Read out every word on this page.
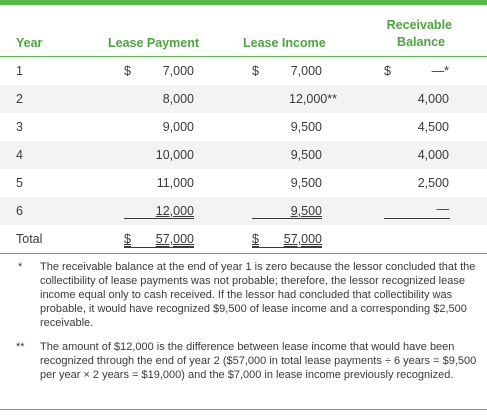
Year	Lease Payment	Lease Income
Receivable
Balance
1	$	7,000	$	7,000	$	—*
2	8,000	12,000**	4,000
3	9,000	9,500	4,500
4	10,000	9,500	4,000
5	11,000	9,500	2,500
6	12,000	9,500	—
Total	$ 57,000	$ 57,000
* The receivable balance at the end of year 1 is zero because the lessor concluded that the collectibility of lease payments was not probable; therefore, the lessor recognized lease income equal only to cash received. If the lessor had concluded that collectibility was probable, it would have recognized $9,500 of lease income and a corresponding $2,500 receivable.
** The amount of $12,000 is the difference between lease income that would have been recognized through the end of year 2 ($57,000 in total lease payments ÷ 6 years = $9,500 per year × 2 years = $19,000) and the $7,000 in lease income previously recognized.
